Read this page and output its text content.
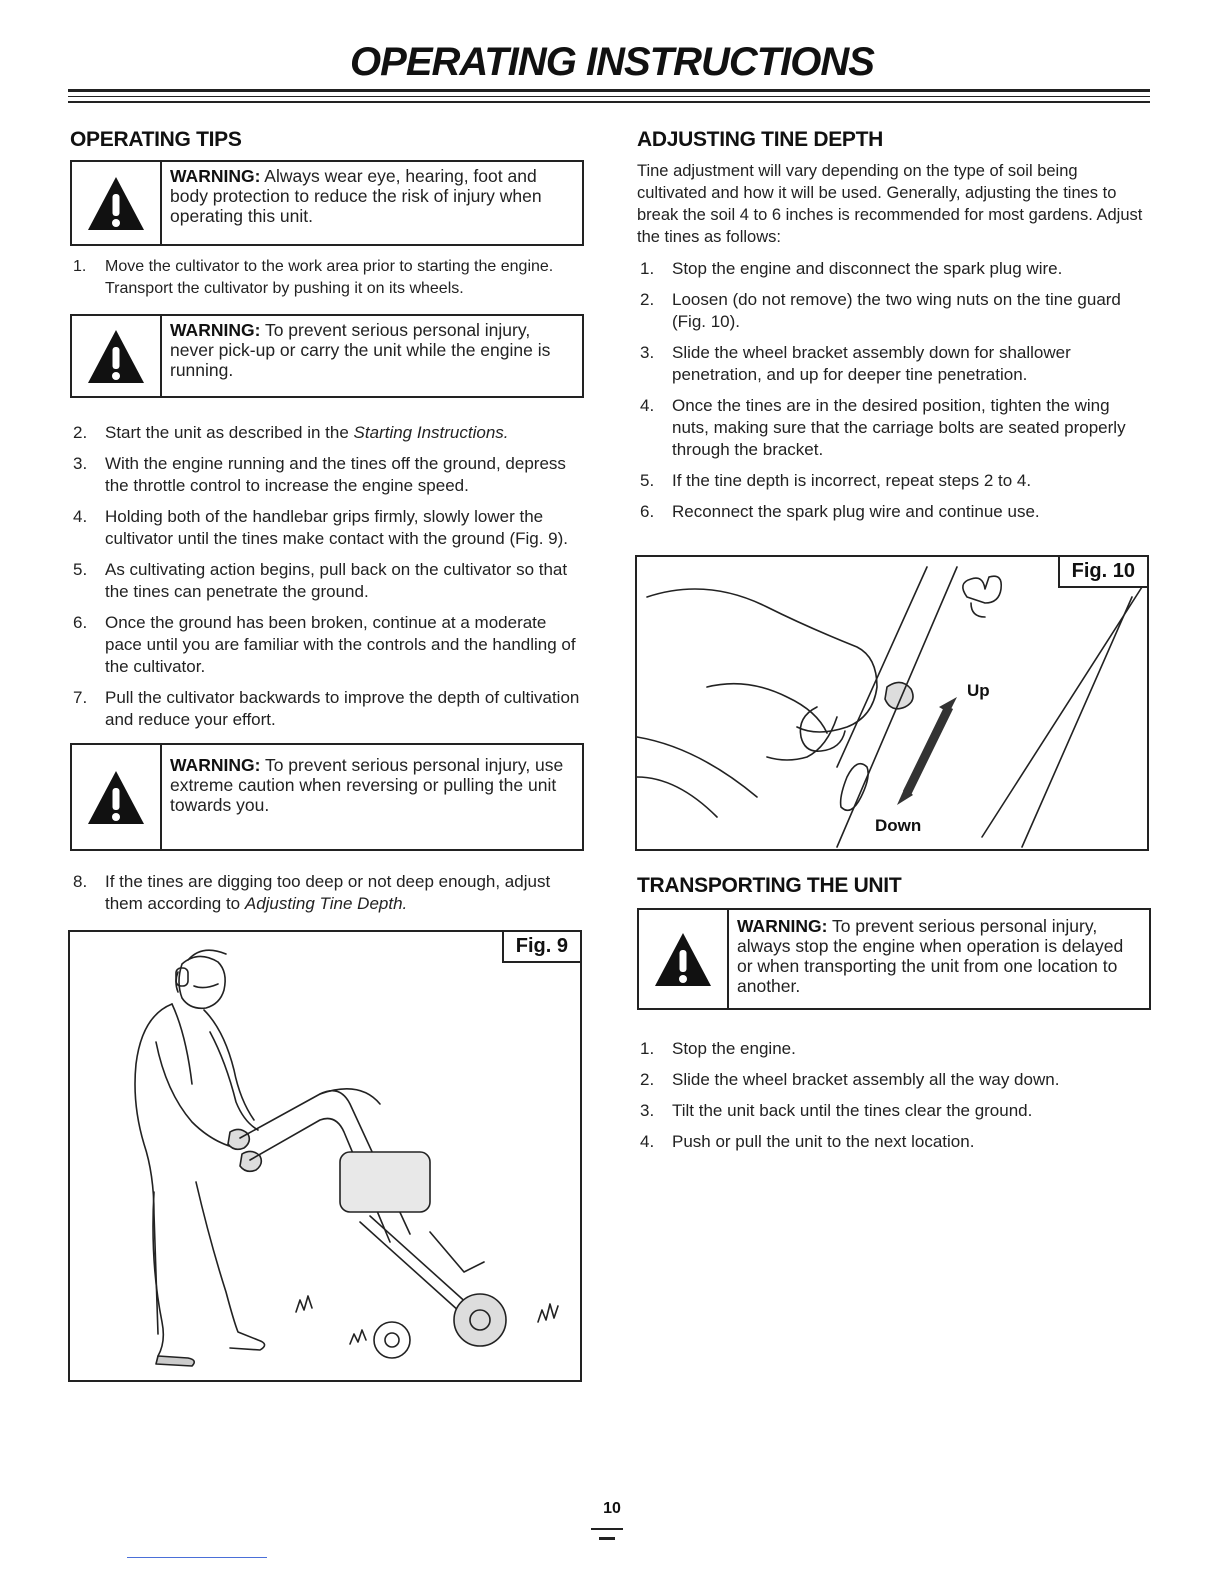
OPERATING INSTRUCTIONS
OPERATING TIPS
WARNING: Always wear eye, hearing, foot and body protection to reduce the risk of injury when operating this unit.
1. Move the cultivator to the work area prior to starting the engine. Transport the cultivator by pushing it on its wheels.
WARNING: To prevent serious personal injury, never pick-up or carry the unit while the engine is running.
2. Start the unit as described in the Starting Instructions.
3. With the engine running and the tines off the ground, depress the throttle control to increase the engine speed.
4. Holding both of the handlebar grips firmly, slowly lower the cultivator until the tines make contact with the ground (Fig. 9).
5. As cultivating action begins, pull back on the cultivator so that the tines can penetrate the ground.
6. Once the ground has been broken, continue at a moderate pace until you are familiar with the controls and the handling of the cultivator.
7. Pull the cultivator backwards to improve the depth of cultivation and reduce your effort.
WARNING: To prevent serious personal injury, use extreme caution when reversing or pulling the unit towards you.
8. If the tines are digging too deep or not deep enough, adjust them according to Adjusting Tine Depth.
Fig. 9
ADJUSTING TINE DEPTH

Tine adjustment will vary depending on the type of soil being cultivated and how it will be used. Generally, adjusting the tines to break the soil 4 to 6 inches is recommended for most gardens. Adjust the tines as follows:

1. Stop the engine and disconnect the spark plug wire.
2. Loosen (do not remove) the two wing nuts on the tine guard (Fig. 10).
3. Slide the wheel bracket assembly down for shallower penetration, and up for deeper tine penetration.
4. Once the tines are in the desired position, tighten the wing nuts, making sure that the carriage bolts are seated properly through the bracket.
5. If the tine depth is incorrect, repeat steps 2 to 4.
6. Reconnect the spark plug wire and continue use.
Fig. 10
Up
Down
TRANSPORTING THE UNIT
WARNING: To prevent serious personal injury, always stop the engine when operation is delayed or when transporting the unit from one location to another.
1. Stop the engine.
2. Slide the wheel bracket assembly all the way down.
3. Tilt the unit back until the tines clear the ground.
4. Push or pull the unit to the next location.
10
